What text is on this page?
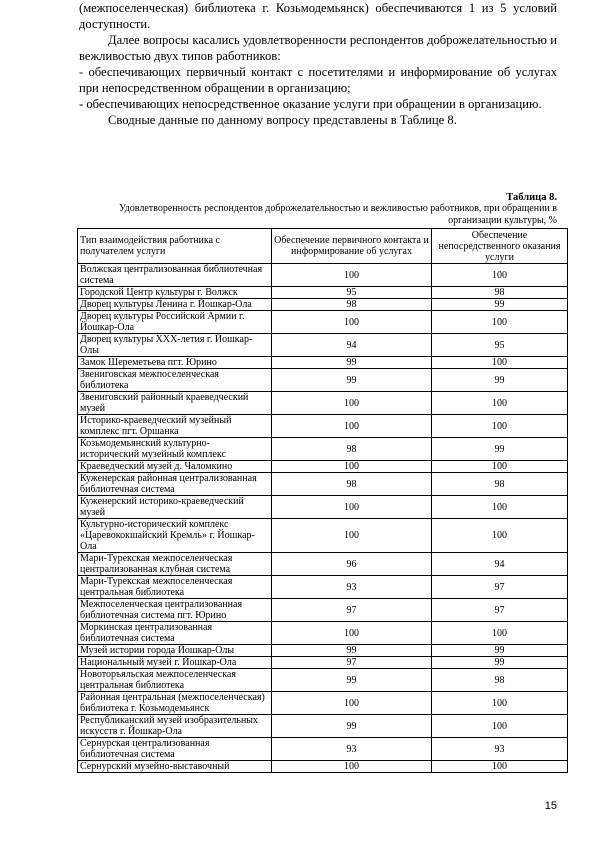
(межпоселенческая) библиотека г. Козьмодемьянск) обеспечиваются 1 из 5 условий доступности.

Далее вопросы касались удовлетворенности респондентов доброжелательностью и вежливостью двух типов работников:

- обеспечивающих первичный контакт с посетителями и информирование об услугах при непосредственном обращении в организацию;

- обеспечивающих непосредственное оказание услуги при обращении в организацию.

Сводные данные по данному вопросу представлены в Таблице 8.

Таблица 8.
Удовлетворенность респондентов доброжелательностью и вежливостью работников, при обращении в организации культуры, %
Тип взаимодействия работника с получателем услуги	Обеспечение первичного контакта и информирование об услугах	Обеспечение непосредственного оказания услуги
Волжская централизованная библиотечная система	100	100
Городской Центр культуры г. Волжск	95	98
Дворец культуры Ленина г. Йошкар-Ола	98	99
Дворец культуры Российской Армии г. Йошкар-Ола	100	100
Дворец культуры XXX-летия г. Йошкар-Олы	94	95
Замок Шереметьева пгт. Юрино	99	100
Звениговская межпоселенческая библиотека	99	99
Звениговский районный краеведческий музей	100	100
Историко-краеведческий музейный комплекс пгт. Оршанка	100	100
Козьмодемьянский культурно-исторический музейный комплекс	98	99
Краеведческий музей д. Чаломкино	100	100
Куженерская районная централизованная библиотечная система	98	98
Куженерский историко-краеведческий музей	100	100
Культурно-исторический комплекс «Царевококшайский Кремль» г. Йошкар-Ола	100	100
Мари-Турекская межпоселенческая централизованная клубная система	96	94
Мари-Турекская межпоселенческая центральная библиотека	93	97
Межпоселенческая централизованная библиотечная система пгт. Юрино	97	97
Моркинская централизованная библиотечная система	100	100
Музей истории города Йошкар-Олы	99	99
Национальный музей г. Йошкар-Ола	97	99
Новоторъяльская межпоселенческая центральная библиотека	99	98
Районная центральная (межпоселенческая) библиотека г. Козьмодемьянск	100	100
Республиканский музей изобразительных искусств г. Йошкар-Ола	99	100
Сернурская централизованная библиотечная система	93	93
Сернурский музейно-выставочный	100	100
15
